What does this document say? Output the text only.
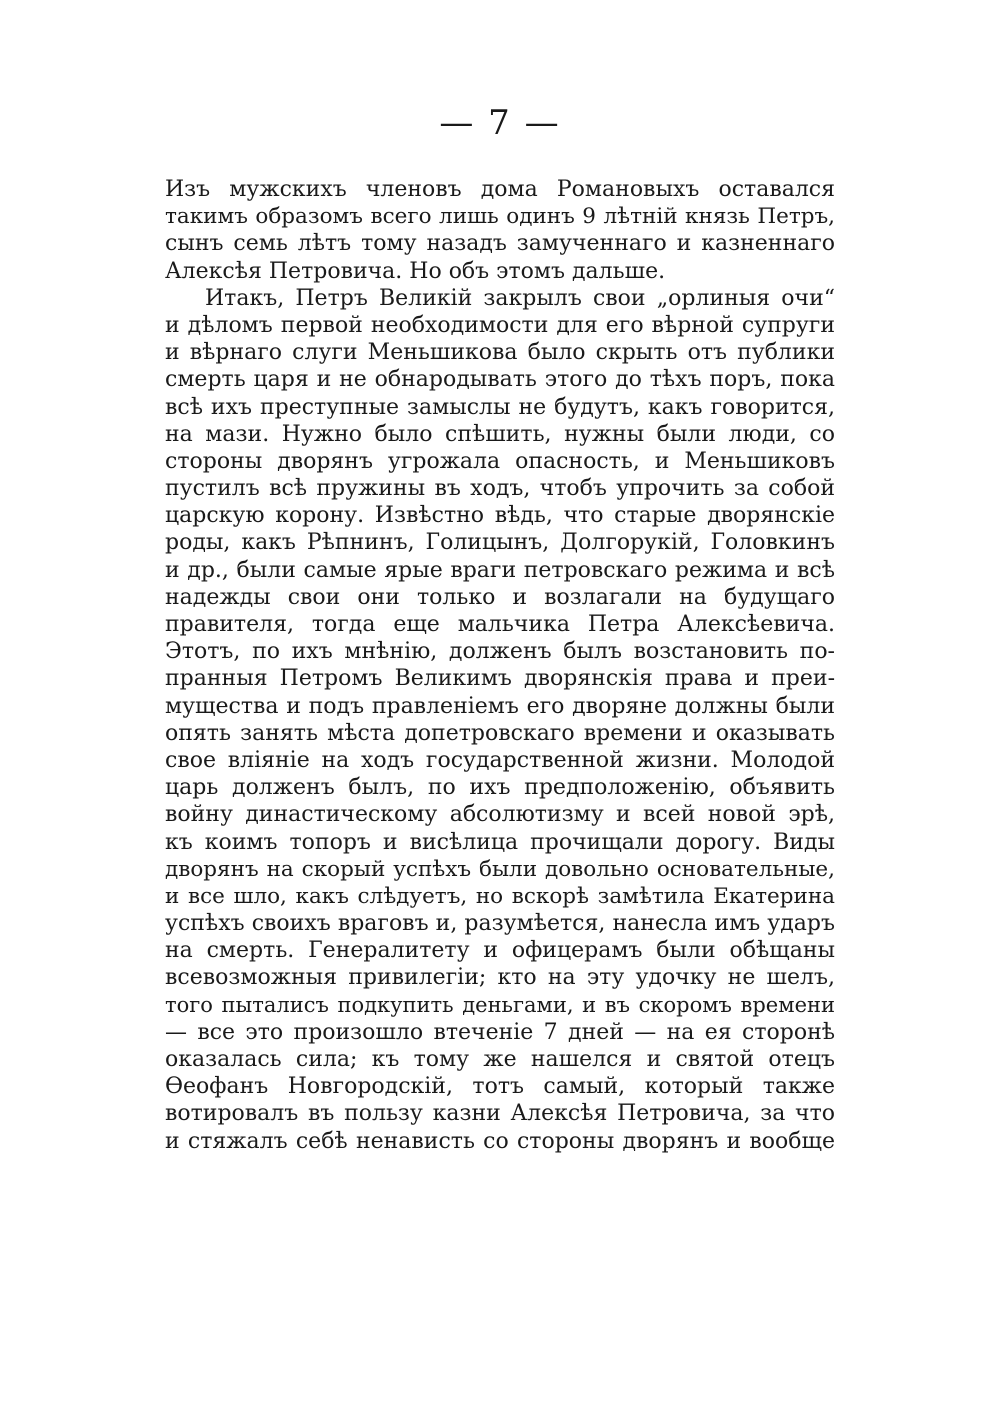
— 7 —
Изъ мужскихъ членовъ дома Романовыхъ оставался
такимъ образомъ всего лишь одинъ 9 лѣтній князь Петръ,
сынъ семь лѣтъ тому назадъ замученнаго и казненнаго
Алексѣя Петровича. Но объ этомъ дальше.
Итакъ, Петръ Великій закрылъ свои „орлиныя очи“
и дѣломъ первой необходимости для его вѣрной супруги
и вѣрнаго слуги Меньшикова было скрыть отъ публики
смерть царя и не обнародывать этого до тѣхъ поръ, пока
всѣ ихъ преступные замыслы не будутъ, какъ говорится,
на мази. Нужно было спѣшить, нужны были люди, со
стороны дворянъ угрожала опасность, и Меньшиковъ
пустилъ всѣ пружины въ ходъ, чтобъ упрочить за собой
царскую корону. Извѣстно вѣдь, что старые дворянскіе
роды, какъ Рѣпнинъ, Голицынъ, Долгорукій, Головкинъ
и др., были самые ярые враги петровскаго режима и всѣ
надежды свои они только и возлагали на будущаго
правителя, тогда еще мальчика Петра Алексѣевича.
Этотъ, по ихъ мнѣнію, долженъ былъ возстановить по-
пранныя Петромъ Великимъ дворянскія права и преи-
мущества и подъ правленіемъ его дворяне должны были
опять занять мѣста допетровскаго времени и оказывать
свое вліяніе на ходъ государственной жизни. Молодой
царь долженъ былъ, по ихъ предположенію, объявить
войну династическому абсолютизму и всей новой эрѣ,
къ коимъ топоръ и висѣлица прочищали дорогу. Виды
дворянъ на скорый успѣхъ были довольно основательные,
и все шло, какъ слѣдуетъ, но вскорѣ замѣтила Екатерина
успѣхъ своихъ враговъ и, разумѣется, нанесла имъ ударъ
на смерть. Генералитету и офицерамъ были обѣщаны
всевозможныя привилегіи; кто на эту удочку не шелъ,
того пыталисъ подкупить деньгами, и въ скоромъ времени
— все это произошло втеченіе 7 дней — на ея сторонѣ
оказалась сила; къ тому же нашелся и святой отецъ
Ѳеофанъ Новгородскій, тотъ самый, который также
вотировалъ въ пользу казни Алексѣя Петровича, за что
и стяжалъ себѣ ненависть со стороны дворянъ и вообще
